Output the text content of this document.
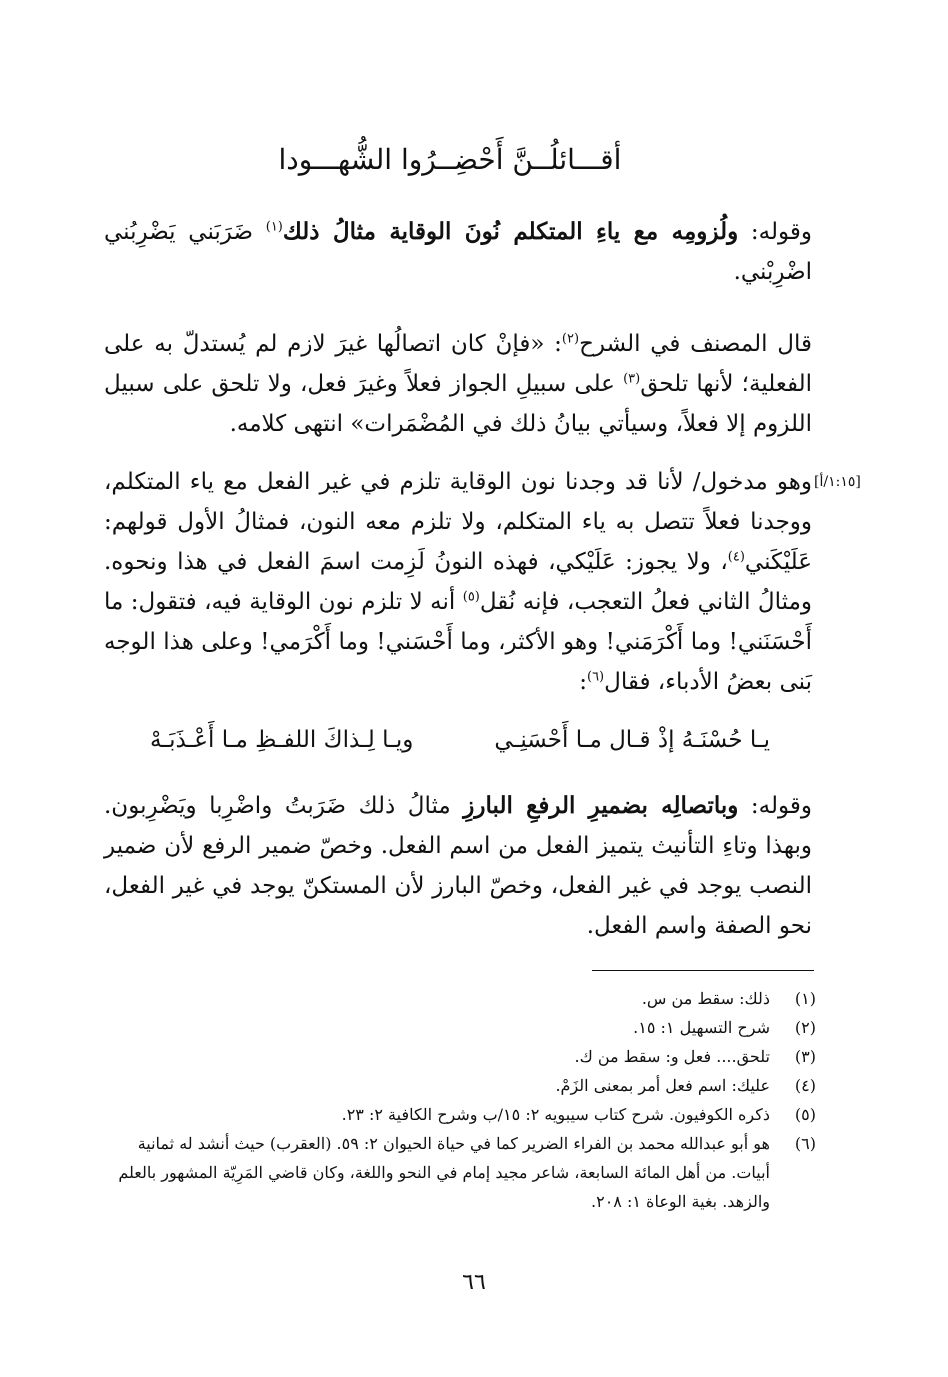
أقـــائلُــنَّ أَحْضِــرُوا الشُّهـــودا
وقوله: ولُزومِه مع ياءِ المتكلم نُونَ الوقاية مثالُ ذلك$^{(١)}$ ضَرَبَني يَضْرِبُني اضْرِبْني.
قال المصنف في الشرح$^{(٢)}$: «فإنْ كان اتصالُها غيرَ لازم لم يُستدلّ به على الفعلية؛ لأنها تلحق$^{(٣)}$ على سبيلِ الجواز فعلاً وغيرَ فعل، ولا تلحق على سبيل اللزوم إلا فعلاً، وسيأتي بيانُ ذلك في المُضْمَرات» انتهى كلامه.
[١:١٥/أ]
وهو مدخول/ لأنا قد وجدنا نون الوقاية تلزم في غير الفعل مع ياء المتكلم، ووجدنا فعلاً تتصل به ياء المتكلم، ولا تلزم معه النون، فمثالُ الأول قولهم: عَلَيْكَني$^{(٤)}$، ولا يجوز: عَلَيْكي، فهذه النونُ لَزِمت اسمَ الفعل في هذا ونحوه. ومثالُ الثاني فعلُ التعجب، فإنه نُقل$^{(٥)}$ أنه لا تلزم نون الوقاية فيه، فتقول: ما أَحْسَنَني! وما أَكْرَمَني! وهو الأكثر، وما أَحْسَني! وما أَكْرَمي! وعلى هذا الوجه بَنى بعضُ الأدباء، فقال$^{(٦)}$:
يـا حُسْنَـهُ إذْ قـال مـا أَحْسَنِـي
ويـا لِـذاكَ اللفـظِ مـا أَعْـذَبَـهْ
وقوله: وباتصالِه بضميرِ الرفعِ البارزِ مثالُ ذلك ضَرَبتُ واضْرِبا ويَضْرِبون. وبهذا وتاءِ التأنيث يتميز الفعل من اسم الفعل. وخصّ ضمير الرفع لأن ضمير النصب يوجد في غير الفعل، وخصّ البارز لأن المستكنّ يوجد في غير الفعل، نحو الصفة واسم الفعل.
(١)
ذلك: سقط من س.
(٢)
شرح التسهيل ١: ١٥.
(٣)
تلحق.... فعل و: سقط من ك.
(٤)
عليك: اسم فعل أمر بمعنى الزَمْ.
(٥)
ذكره الكوفيون. شرح كتاب سيبويه ٢: ١٥/ب وشرح الكافية ٢: ٢٣.
(٦)
هو أبو عبدالله محمد بن الفراء الضرير كما في حياة الحيوان ٢: ٥٩. (العقرب) حيث أنشد له ثمانية أبيات. من أهل المائة السابعة، شاعر مجيد إمام في النحو واللغة، وكان قاضي المَرِيّة المشهور بالعلم والزهد. بغية الوعاة ١: ٢٠٨.
٦٦
